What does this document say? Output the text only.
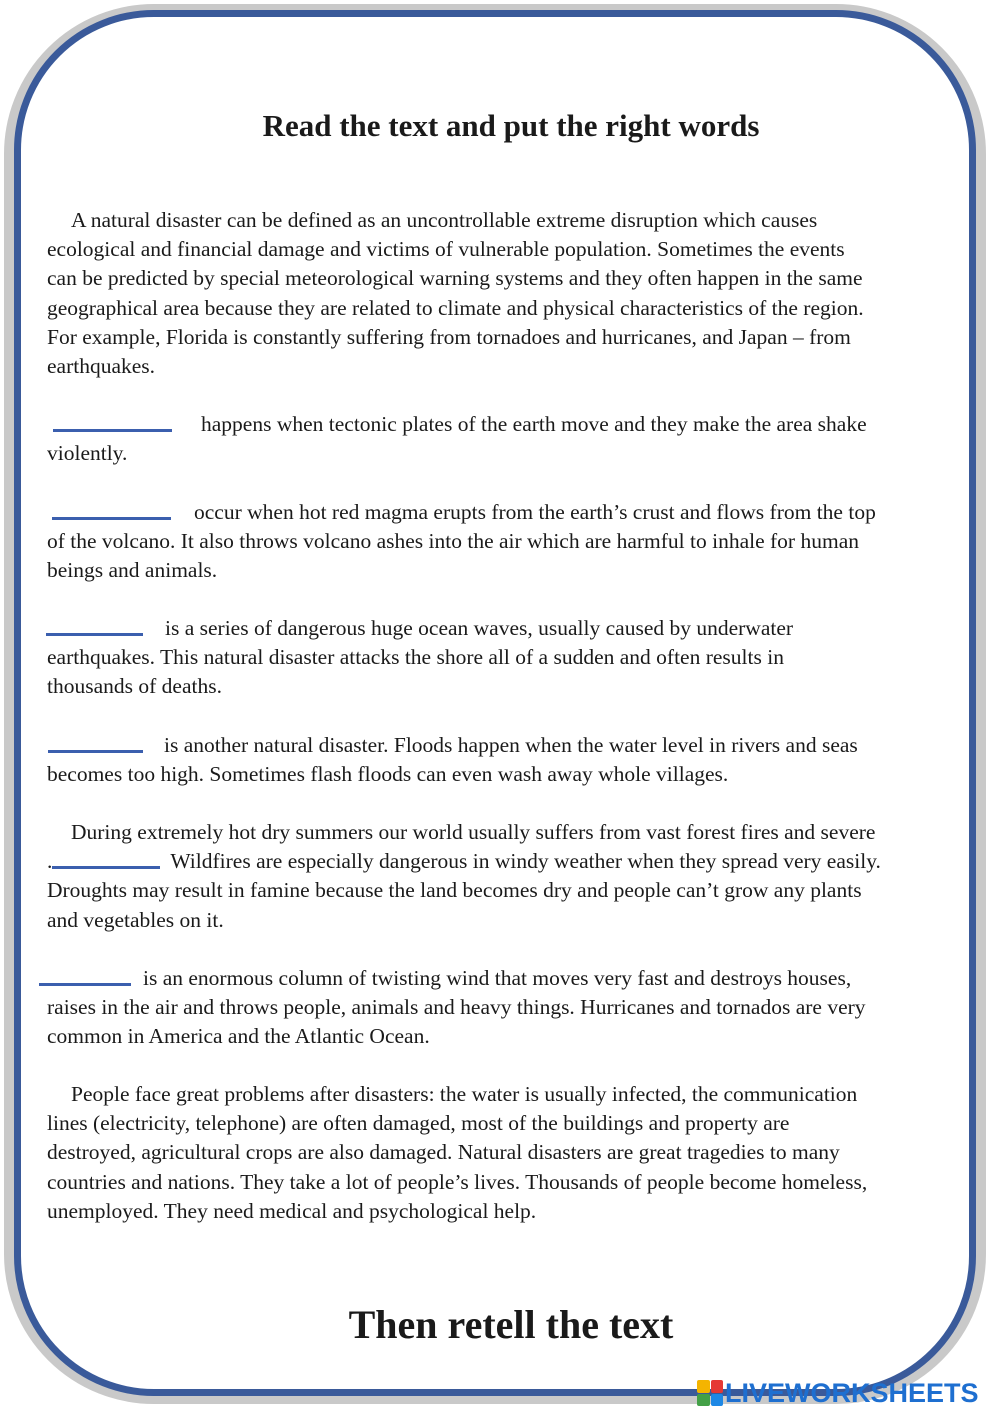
Read the text and put the right words
A natural disaster can be defined as an uncontrollable extreme disruption which causes
ecological and financial damage and victims of vulnerable population. Sometimes the events
can be predicted by special meteorological warning systems and they often happen in the same
geographical area because they are related to climate and physical characteristics of the region.
For example, Florida is constantly suffering from tornadoes and hurricanes, and Japan – from
earthquakes.
happens when tectonic plates of the earth move and they make the area shake
violently.
occur when hot red magma erupts from the earth’s crust and flows from the top
of the volcano. It also throws volcano ashes into the air which are harmful to inhale for human
beings and animals.
is a series of dangerous huge ocean waves, usually caused by underwater
earthquakes. This natural disaster attacks the shore all of a sudden and often results in
thousands of deaths.
is another natural disaster. Floods happen when the water level in rivers and seas
becomes too high. Sometimes flash floods can even wash away whole villages.
During extremely hot dry summers our world usually suffers from vast forest fires and severe
.	Wildfires are especially dangerous in windy weather when they spread very easily.
Droughts may result in famine because the land becomes dry and people can’t grow any plants
and vegetables on it.
is an enormous column of twisting wind that moves very fast and destroys houses,
raises in the air and throws people, animals and heavy things. Hurricanes and tornados are very
common in America and the Atlantic Ocean.
People face great problems after disasters: the water is usually infected, the communication
lines (electricity, telephone) are often damaged, most of the buildings and property are
destroyed, agricultural crops are also damaged. Natural disasters are great tragedies to many
countries and nations. They take a lot of people’s lives. Thousands of people become homeless,
unemployed. They need medical and psychological help.
Then retell the text
LIVEWORKSHEETS
